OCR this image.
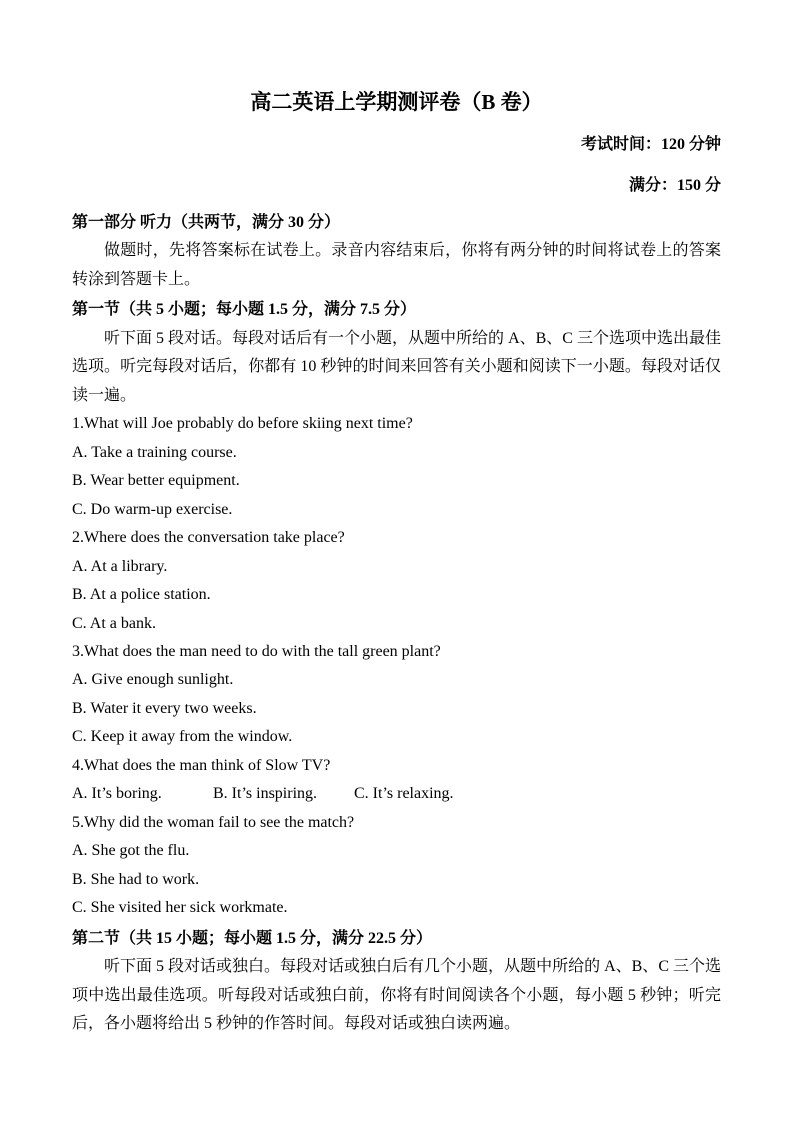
高二英语上学期测评卷（B 卷）
考试时间：120 分钟
满分：150 分
第一部分 听力（共两节，满分 30 分）

做题时，先将答案标在试卷上。录音内容结束后，你将有两分钟的时间将试卷上的答案转涂到答题卡上。

第一节（共 5 小题；每小题 1.5 分，满分 7.5 分）

听下面 5 段对话。每段对话后有一个小题，从题中所给的 A、B、C 三个选项中选出最佳选项。听完每段对话后，你都有 10 秒钟的时间来回答有关小题和阅读下一小题。每段对话仅读一遍。

1.What will Joe probably do before skiing next time?
A. Take a training course.
B. Wear better equipment.
C. Do warm-up exercise.
2.Where does the conversation take place?
A. At a library.
B. At a police station.
C. At a bank.
3.What does the man need to do with the tall green plant?
A. Give enough sunlight.
B. Water it every two weeks.
C. Keep it away from the window.
4.What does the man think of Slow TV?
A. It’s boring.	B. It’s inspiring. C. It’s relaxing.
5.Why did the woman fail to see the match?
A. She got the flu.
B. She had to work.
C. She visited her sick workmate.
第二节（共 15 小题；每小题 1.5 分，满分 22.5 分）

听下面 5 段对话或独白。每段对话或独白后有几个小题，从题中所给的 A、B、C 三个选项中选出最佳选项。听每段对话或独白前，你将有时间阅读各个小题，每小题 5 秒钟；听完后，各小题将给出 5 秒钟的作答时间。每段对话或独白读两遍。
